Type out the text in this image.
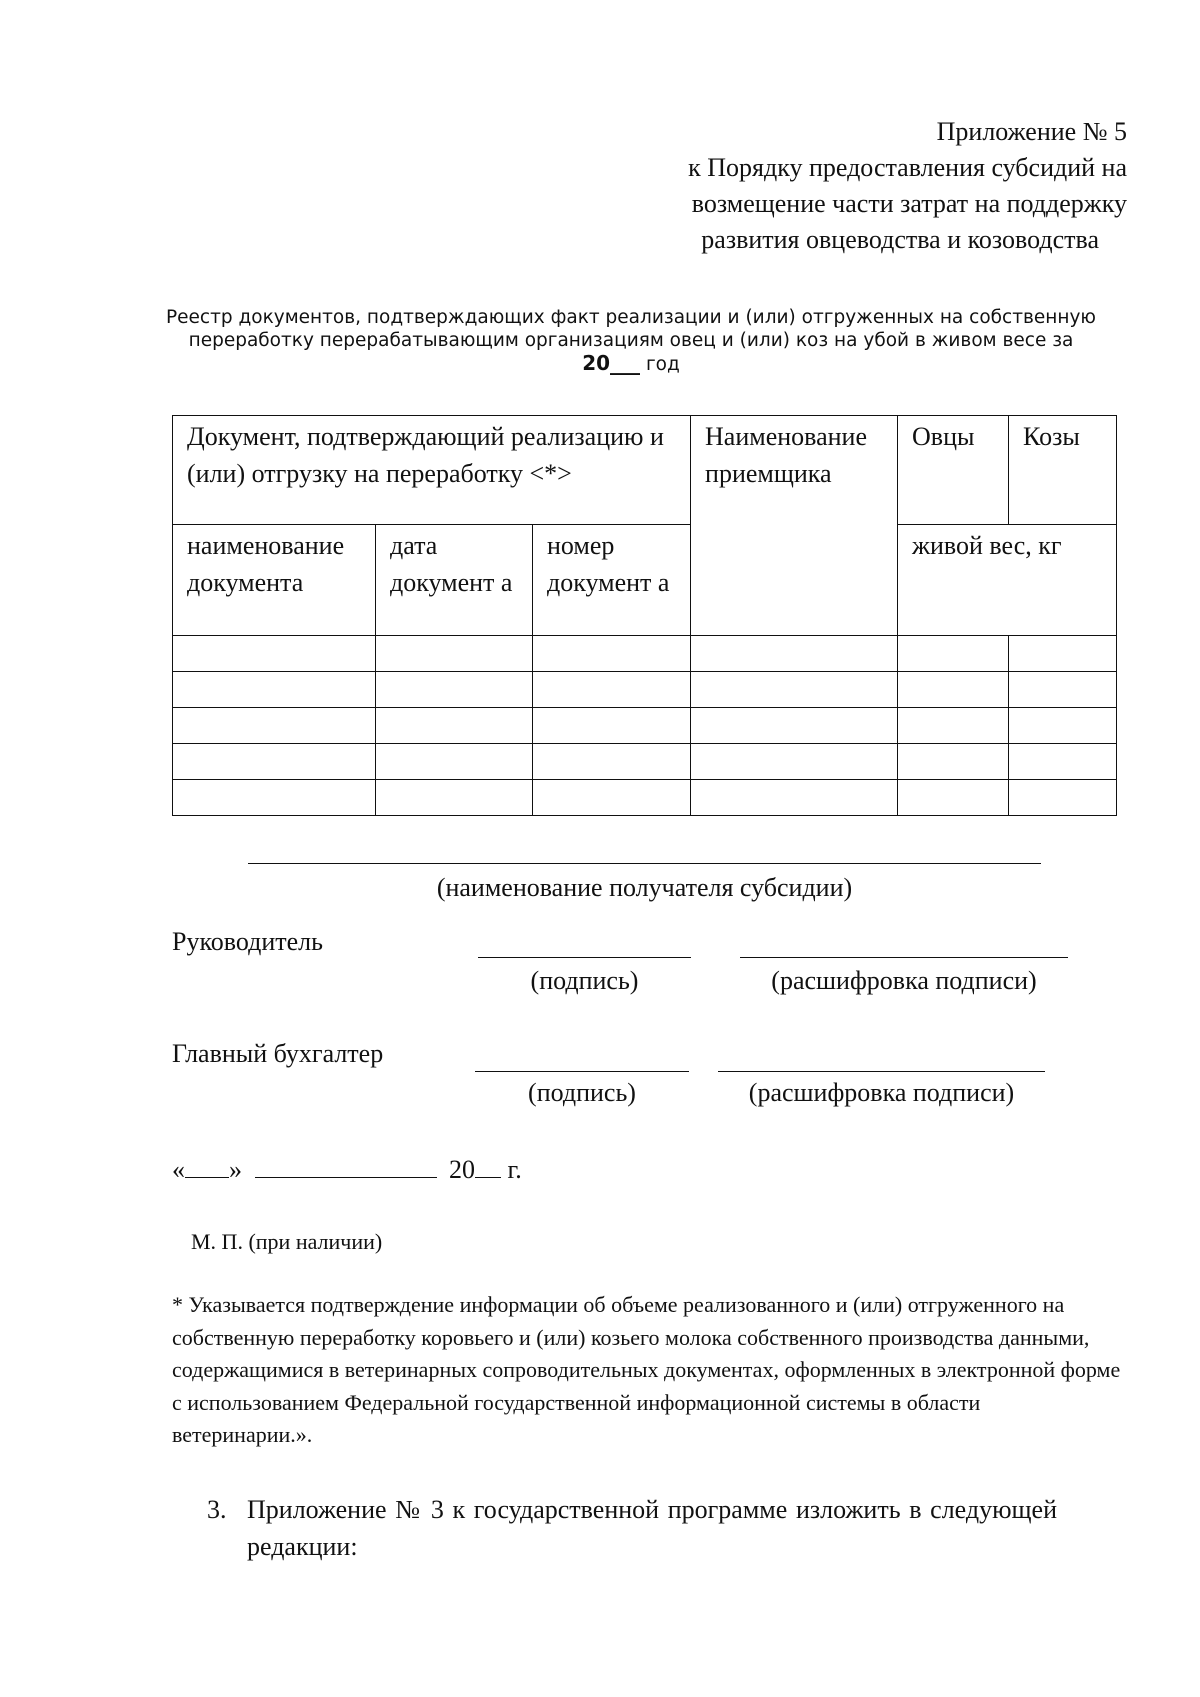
Приложение № 5
к Порядку предоставления субсидий на
возмещение части затрат на поддержку
развития овцеводства и козоводства
Реестр документов, подтверждающих факт реализации и (или) отгруженных на собственную
переработку перерабатывающим организациям овец и (или) коз на убой в живом весе за
20___ год
Документ, подтверждающий реализацию и (или) отгрузку на переработку <*>			Наименование приемщика	Овцы	Козы
наименование документа	дата документ а	номер документ а		живой вес, кг	

(наименование получателя субсидии)
Руководитель
(подпись)	(расшифровка подписи)
Главный бухгалтер
(подпись)	(расшифровка подписи)
« »	20 г.
М. П. (при наличии)
* Указывается подтверждение информации об объеме реализованного и (или) отгруженного на собственную переработку коровьего и (или) козьего молока собственного производства данными, содержащимися в ветеринарных сопроводительных документах, оформленных в электронной форме с использованием Федеральной государственной информационной системы в области ветеринарии.».
3. Приложение № 3 к государственной программе изложить в следующей редакции:
